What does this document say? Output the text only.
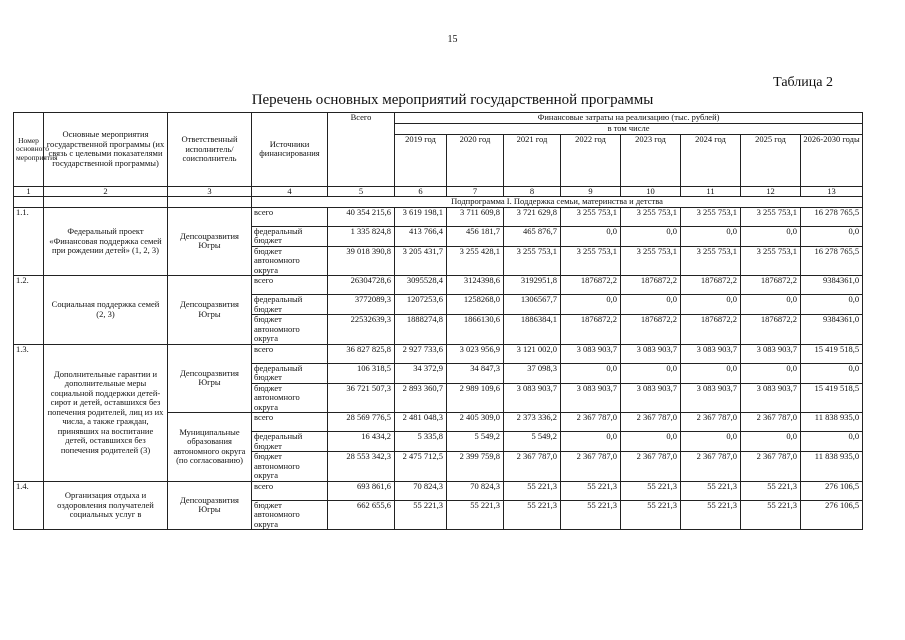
15
Таблица 2
Перечень основных мероприятий государственной программы
Номер основного мероприятия	Основные мероприятия государственной программы (их связь с целевыми показателями государственной программы)	Ответственный исполнитель/ соисполнитель	Источники финансирования	Всего	Финансовые затраты на реализацию (тыс. рублей)							
					в том числе							
					2019 год	2020 год	2021 год	2022 год	2023 год	2024 год	2025 год	2026-2030 годы
1	2	3	4	5	6	7	8	9	10	11	12	13
			Подпрограмма I. Поддержка семьи, материнства и детства									
1.1.	Федеральный проект «Финансовая поддержка семей при рождении детей» (1, 2, 3)	Депсоцразвития Югры	всего	40 354 215,6	3 619 198,1	3 711 609,8	3 721 629,8	3 255 753,1	3 255 753,1	3 255 753,1	3 255 753,1	16 278 765,5
			федеральный бюджет	1 335 824,8	413 766,4	456 181,7	465 876,7	0,0	0,0	0,0	0,0	0,0
			бюджет автономного округа	39 018 390,8	3 205 431,7	3 255 428,1	3 255 753,1	3 255 753,1	3 255 753,1	3 255 753,1	3 255 753,1	16 278 765,5
1.2.	Социальная поддержка семей (2, 3)	Депсоцразвития Югры	всего	26304728,6	3095528,4	3124398,6	3192951,8	1876872,2	1876872,2	1876872,2	1876872,2	9384361,0
			федеральный бюджет	3772089,3	1207253,6	1258268,0	1306567,7	0,0	0,0	0,0	0,0	0,0
			бюджет автономного округа	22532639,3	1888274,8	1866130,6	1886384,1	1876872,2	1876872,2	1876872,2	1876872,2	9384361,0
1.3.	Дополнительные гарантии и дополнительные меры социальной поддержки детей-сирот и детей, оставшихся без попечения родителей, лиц из их числа, а также граждан, принявших на воспитание детей, оставшихся без попечения родителей (3)	Депсоцразвития Югры	всего	36 827 825,8	2 927 733,6	3 023 956,9	3 121 002,0	3 083 903,7	3 083 903,7	3 083 903,7	3 083 903,7	15 419 518,5
			федеральный бюджет	106 318,5	34 372,9	34 847,3	37 098,3	0,0	0,0	0,0	0,0	0,0
			бюджет автономного округа	36 721 507,3	2 893 360,7	2 989 109,6	3 083 903,7	3 083 903,7	3 083 903,7	3 083 903,7	3 083 903,7	15 419 518,5
		Муниципальные образования автономного округа (по согласованию)	всего	28 569 776,5	2 481 048,3	2 405 309,0	2 373 336,2	2 367 787,0	2 367 787,0	2 367 787,0	2 367 787,0	11 838 935,0
			федеральный бюджет	16 434,2	5 335,8	5 549,2	5 549,2	0,0	0,0	0,0	0,0	0,0
			бюджет автономного округа	28 553 342,3	2 475 712,5	2 399 759,8	2 367 787,0	2 367 787,0	2 367 787,0	2 367 787,0	2 367 787,0	11 838 935,0
1.4.	Организация отдыха и оздоровления получателей социальных услуг в	Депсоцразвития Югры	всего	693 861,6	70 824,3	70 824,3	55 221,3	55 221,3	55 221,3	55 221,3	55 221,3	276 106,5
			бюджет автономного округа	662 655,6	55 221,3	55 221,3	55 221,3	55 221,3	55 221,3	55 221,3	55 221,3	276 106,5
